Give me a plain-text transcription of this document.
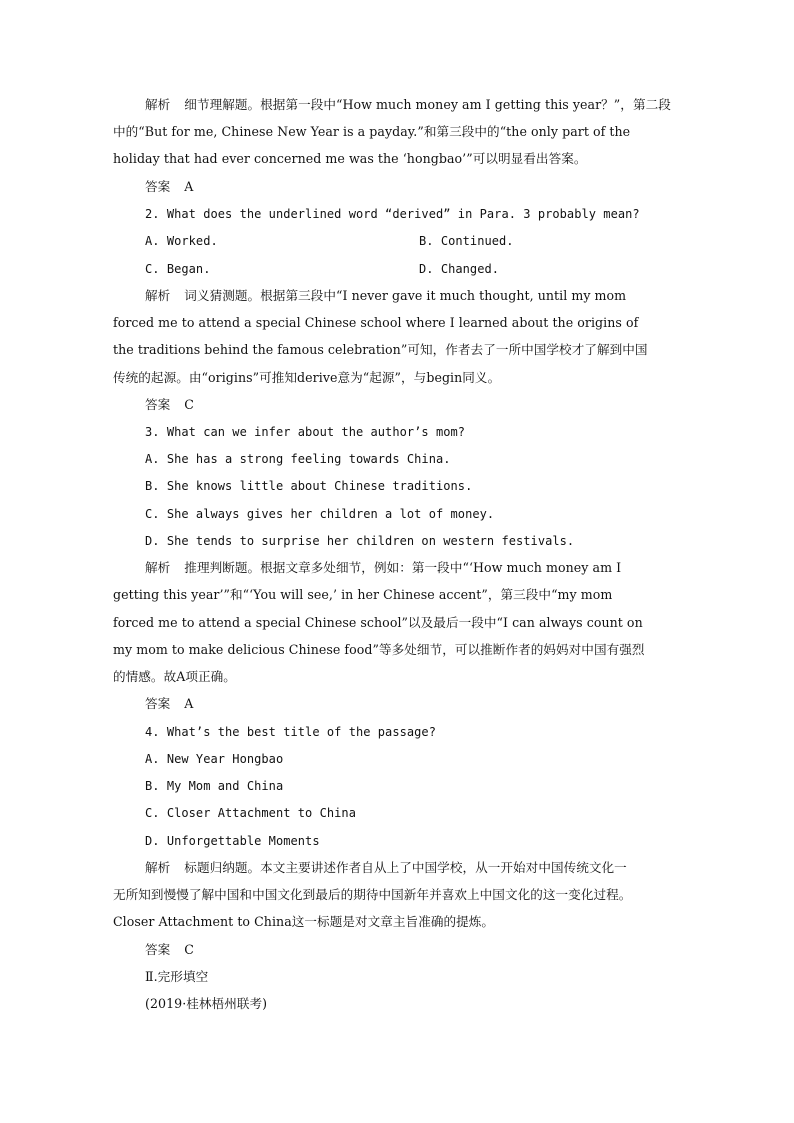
解析 细节理解题。根据第一段中“How much money am I getting this year？”，第二段
中的“But for me, Chinese New Year is a payday.”和第三段中的“the only part of the
holiday that had ever concerned me was the ‘hongbao’”可以明显看出答案。
答案 A
2. What does the underlined word “derived” in Para. 3 probably mean?
A. Worked.	B. Continued.
C. Began.	D. Changed.
解析 词义猜测题。根据第三段中“I never gave it much thought, until my mom
forced me to attend a special Chinese school where I learned about the origins of
the traditions behind the famous celebration”可知，作者去了一所中国学校才了解到中国
传统的起源。由“origins”可推知derive意为“起源”，与begin同义。
答案 C
3. What can we infer about the author’s mom?
A. She has a strong feeling towards China.
B. She knows little about Chinese traditions.
C. She always gives her children a lot of money.
D. She tends to surprise her children on western festivals.
解析 推理判断题。根据文章多处细节，例如：第一段中“‘How much money am I
getting this year’”和“‘You will see,’ in her Chinese accent”，第三段中“my mom
forced me to attend a special Chinese school”以及最后一段中“I can always count on
my mom to make delicious Chinese food”等多处细节，可以推断作者的妈妈对中国有强烈
的情感。故A项正确。
答案 A
4. What’s the best title of the passage?
A. New Year Hongbao
B. My Mom and China
C. Closer Attachment to China
D. Unforgettable Moments
解析 标题归纳题。本文主要讲述作者自从上了中国学校，从一开始对中国传统文化一
无所知到慢慢了解中国和中国文化到最后的期待中国新年并喜欢上中国文化的这一变化过程。
Closer Attachment to China这一标题是对文章主旨准确的提炼。
答案 C
Ⅱ.完形填空
(2019·桂林梧州联考)
